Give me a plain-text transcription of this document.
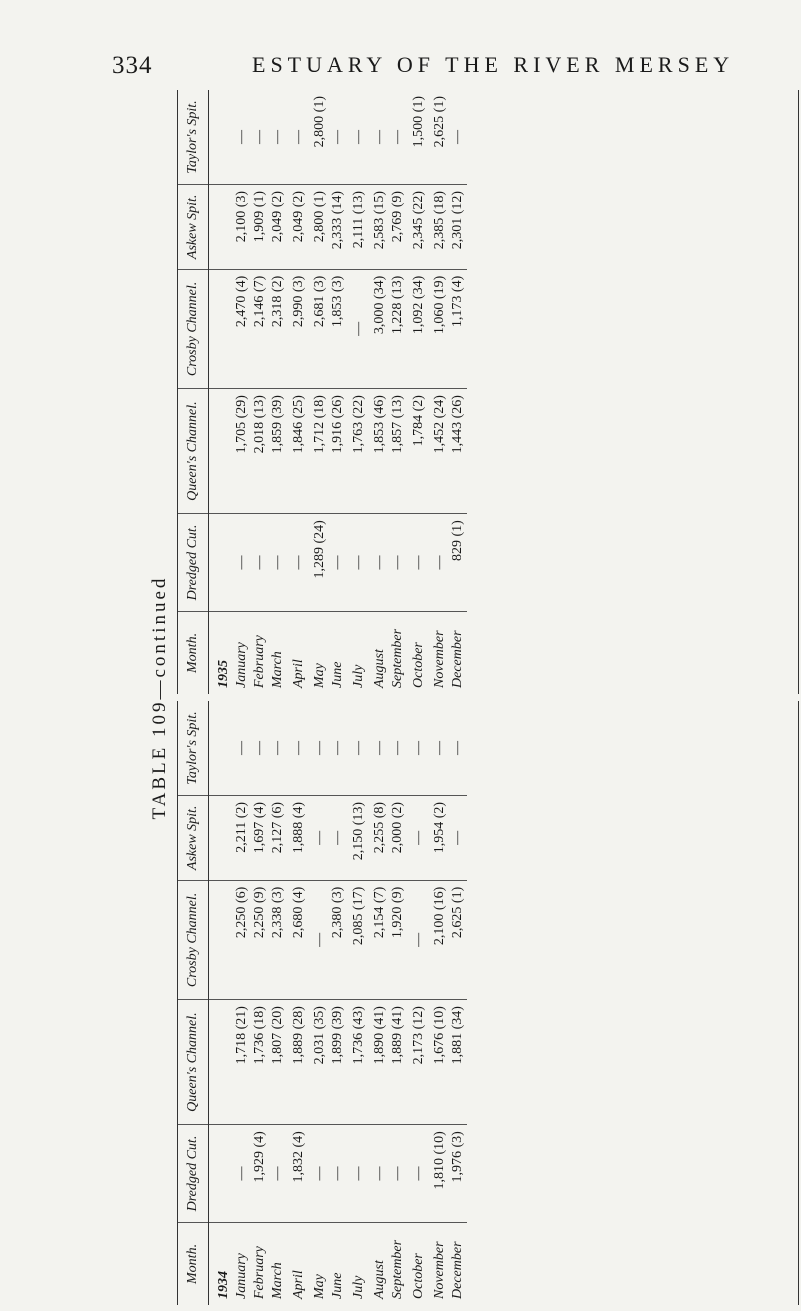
334	ESTUARY OF THE RIVER MERSEY
TABLE 109—continued
Month.	Dredged Cut.	Queen's Channel.	Crosby Channel.	Askew Spit.	Taylor's Spit.
1934					
January	—	1,718 (21)	2,250 (6)	2,211 (2)	—
February	1,929 (4)	1,736 (18)	2,250 (9)	1,697 (4)	—
March	—	1,807 (20)	2,338 (3)	2,127 (6)	—
April	1,832 (4)	1,889 (28)	2,680 (4)	1,888 (4)	—
May	—	2,031 (35)	—	—	—
June	—	1,899 (39)	2,380 (3)	—	—
July	—	1,736 (43)	2,085 (17)	2,150 (13)	—
August	—	1,890 (41)	2,154 (7)	2,255 (8)	—
September	—	1,889 (41)	1,920 (9)	2,000 (2)	—
October	—	2,173 (12)	—	—	—
November	1,810 (10)	1,676 (10)	2,100 (16)	1,954 (2)	—
December	1,976 (3)	1,881 (34)	2,625 (1)	—	—
Month.	Dredged Cut.	Queen's Channel.	Crosby Channel.	Askew Spit.	Taylor's Spit.
1935					
January	—	1,705 (29)	2,470 (4)	2,100 (3)	—
February	—	2,018 (13)	2,146 (7)	1,909 (1)	—
March	—	1,859 (39)	2,318 (2)	2,049 (2)	—
April	—	1,846 (25)	2,990 (3)	2,049 (2)	—
May	1,289 (24)	1,712 (18)	2,681 (3)	2,800 (1)	2,800 (1)
June	—	1,916 (26)	1,853 (3)	2,333 (14)	—
July	—	1,763 (22)	—	2,111 (13)	—
August	—	1,853 (46)	3,000 (34)	2,583 (15)	—
September	—	1,857 (13)	1,228 (13)	2,769 (9)	—
October	—	1,784 (2)	1,092 (34)	2,345 (22)	1,500 (1)
November	—	1,452 (24)	1,060 (19)	2,385 (18)	2,625 (1)
December	829 (1)	1,443 (26)	1,173 (4)	2,301 (12)	—
